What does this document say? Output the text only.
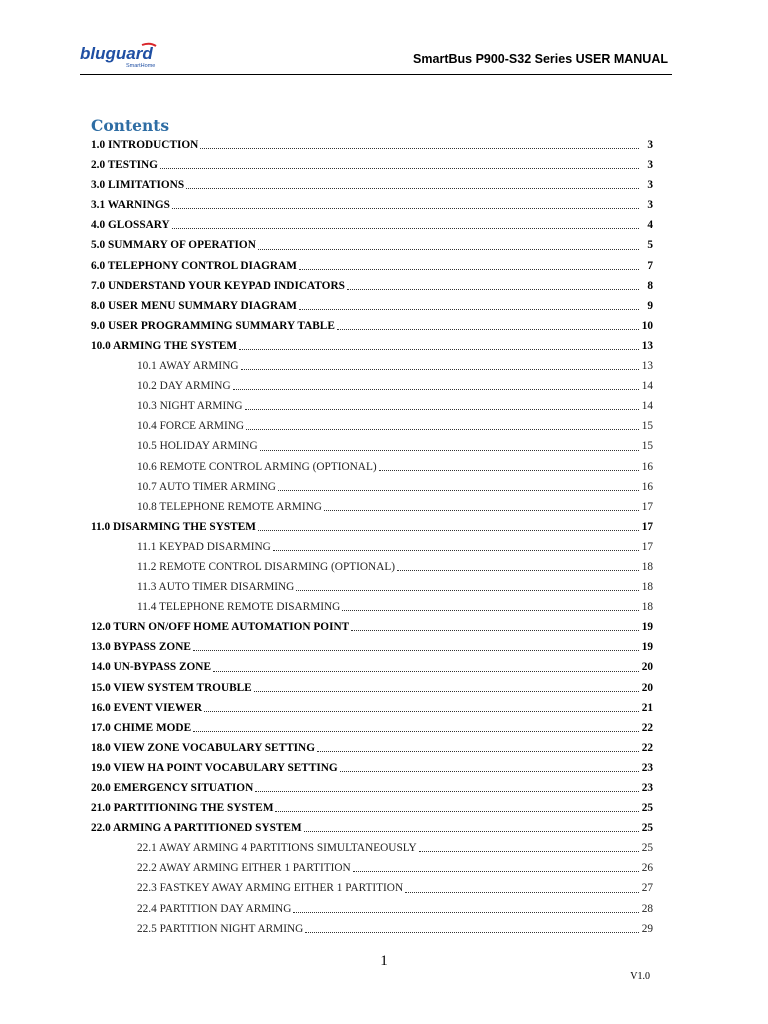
bluguard
SmartHome	SmartBus P900-S32 Series USER MANUAL
Contents
1.0 INTRODUCTION	3
2.0 TESTING	3
3.0 LIMITATIONS	3
3.1 WARNINGS	3
4.0 GLOSSARY	4
5.0 SUMMARY OF OPERATION	5
6.0 TELEPHONY CONTROL DIAGRAM	7
7.0 UNDERSTAND YOUR KEYPAD INDICATORS	8
8.0 USER MENU SUMMARY DIAGRAM	9
9.0 USER PROGRAMMING SUMMARY TABLE	10
10.0 ARMING THE SYSTEM	13
10.1 AWAY ARMING	13
10.2 DAY ARMING	14
10.3 NIGHT ARMING	14
10.4 FORCE ARMING	15
10.5 HOLIDAY ARMING	15
10.6 REMOTE CONTROL ARMING (OPTIONAL)	16
10.7 AUTO TIMER ARMING	16
10.8 TELEPHONE REMOTE ARMING	17
11.0 DISARMING THE SYSTEM	17
11.1 KEYPAD DISARMING	17
11.2 REMOTE CONTROL DISARMING (OPTIONAL)	18
11.3 AUTO TIMER DISARMING	18
11.4 TELEPHONE REMOTE DISARMING	18
12.0 TURN ON/OFF HOME AUTOMATION POINT	19
13.0 BYPASS ZONE	19
14.0 UN-BYPASS ZONE	20
15.0 VIEW SYSTEM TROUBLE	20
16.0 EVENT VIEWER	21
17.0 CHIME MODE	22
18.0 VIEW ZONE VOCABULARY SETTING	22
19.0 VIEW HA POINT VOCABULARY SETTING	23
20.0 EMERGENCY SITUATION	23
21.0 PARTITIONING THE SYSTEM	25
22.0 ARMING A PARTITIONED SYSTEM	25
22.1 AWAY ARMING 4 PARTITIONS SIMULTANEOUSLY	25
22.2 AWAY ARMING EITHER 1 PARTITION	26
22.3 FASTKEY AWAY ARMING EITHER 1 PARTITION	27
22.4 PARTITION DAY ARMING	28
22.5 PARTITION NIGHT ARMING	29
1
V1.0
